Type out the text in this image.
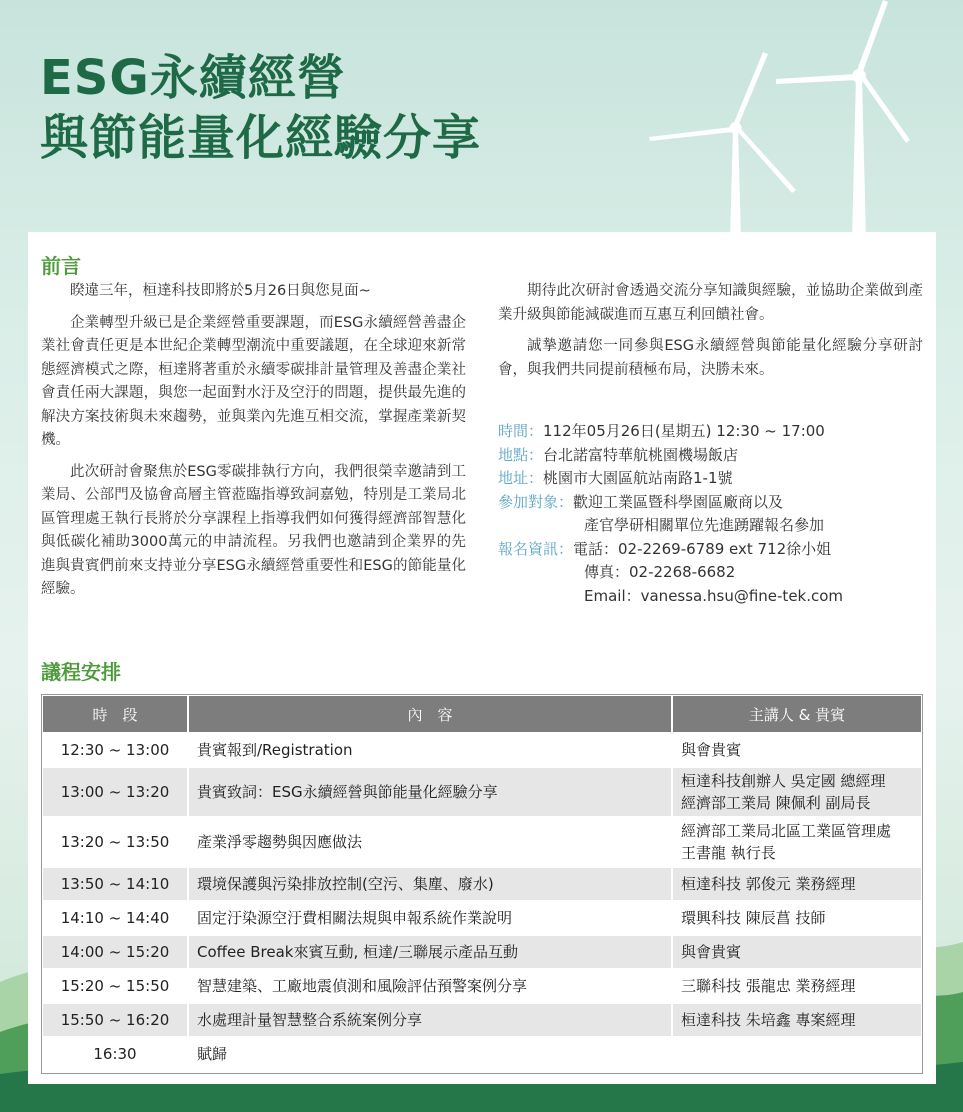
ESG永續經營
與節能量化經驗分享
前言

睽違三年，桓達科技即將於5月26日與您見面~

企業轉型升級已是企業經營重要課題，而ESG永續經營善盡企業社會責任更是本世紀企業轉型潮流中重要議題，在全球迎來新常態經濟模式之際，桓達將著重於永續零碳排計量管理及善盡企業社會責任兩大課題，與您一起面對水汙及空汙的問題，提供最先進的解決方案技術與未來趨勢，並與業內先進互相交流，掌握產業新契機。

此次研討會聚焦於ESG零碳排執行方向，我們很榮幸邀請到工業局、公部門及協會高層主管蒞臨指導致詞嘉勉，特別是工業局北區管理處王執行長將於分享課程上指導我們如何獲得經濟部智慧化與低碳化補助3000萬元的申請流程。另我們也邀請到企業界的先進與貴賓們前來支持並分享ESG永續經營重要性和ESG的節能量化經驗。

期待此次研討會透過交流分享知識與經驗，並協助企業做到產業升級與節能減碳進而互惠互利回饋社會。

誠摯邀請您一同參與ESG永續經營與節能量化經驗分享研討會，與我們共同提前積極布局，決勝未來。

時間： 112年05月26日(星期五) 12:30 ~ 17:00
地點： 台北諾富特華航桃園機場飯店
地址： 桃園市大園區航站南路1-1號
參加對象： 歡迎工業區暨科學園區廠商以及
產官學研相關單位先進踴躍報名參加
報名資訊： 電話：02-2269-6789 ext 712徐小姐
傳真：02-2268-6682
Email：vanessa.hsu@fine-tek.com
議程安排
時　段	內　容	主講人 & 貴賓
12:30 ~ 13:00	貴賓報到/Registration	與會貴賓
13:00 ~ 13:20	貴賓致詞：ESG永續經營與節能量化經驗分享	桓達科技創辦人 吳定國 總經理
經濟部工業局 陳佩利 副局長
13:20 ~ 13:50	產業淨零趨勢與因應做法	經濟部工業局北區工業區管理處
王書龍 執行長
13:50 ~ 14:10	環境保護與污染排放控制(空污、集塵、廢水)	桓達科技 郭俊元 業務經理
14:10 ~ 14:40	固定汙染源空汙費相關法規與申報系統作業說明	環興科技 陳辰菖 技師
14:00 ~ 15:20	Coffee Break來賓互動, 桓達/三聯展示產品互動	與會貴賓
15:20 ~ 15:50	智慧建築、工廠地震偵測和風險評估預警案例分享	三聯科技 張龍忠 業務經理
15:50 ~ 16:20	水處理計量智慧整合系統案例分享	桓達科技 朱培鑫 專案經理
16:30	賦歸	
